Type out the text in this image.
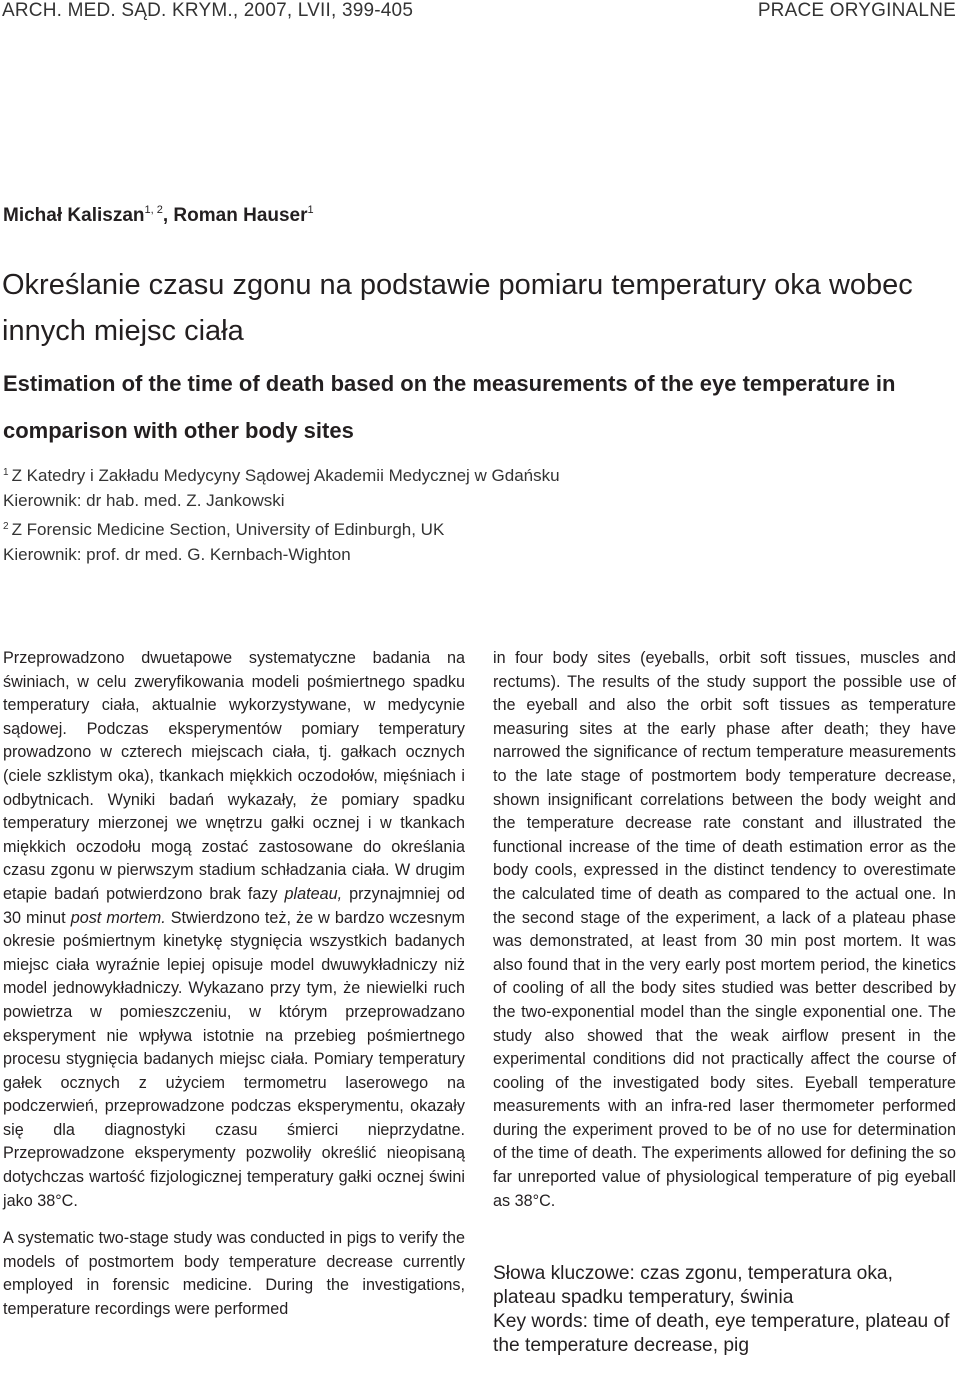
ARCH. MED. SĄD. KRYM., 2007, LVII, 399-405	PRACE ORYGINALNE
Michał Kaliszan$^{1, 2}$, Roman Hauser$^1$
Określanie czasu zgonu na podstawie pomiaru temperatury oka wobec innych miejsc ciała
Estimation of the time of death based on the measurements of the eye temperature in comparison with other body sites

$^1$ Z Katedry i Zakładu Medycyny Sądowej Akademii Medycznej w Gdańsku

Kierownik: dr hab. med. Z. Jankowski

$^2$ Z Forensic Medicine Section, University of Edinburgh, UK

Kierownik: prof. dr med. G. Kernbach-Wighton

Przeprowadzono dwuetapowe systematyczne badania na świniach, w celu zweryfikowania modeli pośmiertnego spadku temperatury ciała, aktualnie wykorzystywane, w medycynie sądowej. Podczas eksperymentów pomiary temperatury prowadzono w czterech miejscach ciała, tj. gałkach ocznych (ciele szklistym oka), tkankach miękkich oczodołów, mięśniach i odbytnicach. Wyniki badań wykazały, że pomiary spadku temperatury mierzonej we wnętrzu gałki ocznej i w tkankach miękkich oczodołu mogą zostać zastosowane do określania czasu zgonu w pierwszym stadium schładzania ciała. W drugim etapie badań potwierdzono brak fazy plateau, przynajmniej od 30 minut post mortem. Stwierdzono też, że w bardzo wczesnym okresie pośmiertnym kinetykę stygnięcia wszystkich badanych miejsc ciała wyraźnie lepiej opisuje model dwuwykładniczy niż model jednowykładniczy. Wykazano przy tym, że niewielki ruch powietrza w pomieszczeniu, w którym przeprowadzano eksperyment nie wpływa istotnie na przebieg pośmiertnego procesu stygnięcia badanych miejsc ciała. Pomiary temperatury gałek ocznych z użyciem termometru laserowego na podczerwień, przeprowadzone podczas eksperymentu, okazały się dla diagnostyki czasu śmierci nieprzydatne. Przeprowadzone eksperymenty pozwoliły określić nieopisaną dotychczas wartość fizjologicznej temperatury gałki ocznej świni jako 38°C.

A systematic two-stage study was conducted in pigs to verify the models of postmortem body temperature decrease currently employed in forensic medicine. During the investigations, temperature recordings were performed

in four body sites (eyeballs, orbit soft tissues, muscles and rectums). The results of the study support the possible use of the eyeball and also the orbit soft tissues as temperature measuring sites at the early phase after death; they have narrowed the significance of rectum temperature measurements to the late stage of postmortem body temperature decrease, shown insignificant correlations between the body weight and the temperature decrease rate constant and illustrated the functional increase of the time of death estimation error as the body cools, expressed in the distinct tendency to overestimate the calculated time of death as compared to the actual one. In the second stage of the experiment, a lack of a plateau phase was demonstrated, at least from 30 min post mortem. It was also found that in the very early post mortem period, the kinetics of cooling of all the body sites studied was better described by the two-exponential model than the single exponential one. The study also showed that the weak airflow present in the experimental conditions did not practically affect the course of cooling of the investigated body sites. Eyeball temperature measurements with an infra-red laser thermometer performed during the experiment proved to be of no use for determination of the time of death. The experiments allowed for defining the so far unreported value of physiological temperature of pig eyeball as 38°C.

Słowa kluczowe: czas zgonu, temperatura oka, plateau spadku temperatury, świnia

Key words: time of death, eye temperature, plateau of the temperature decrease, pig
